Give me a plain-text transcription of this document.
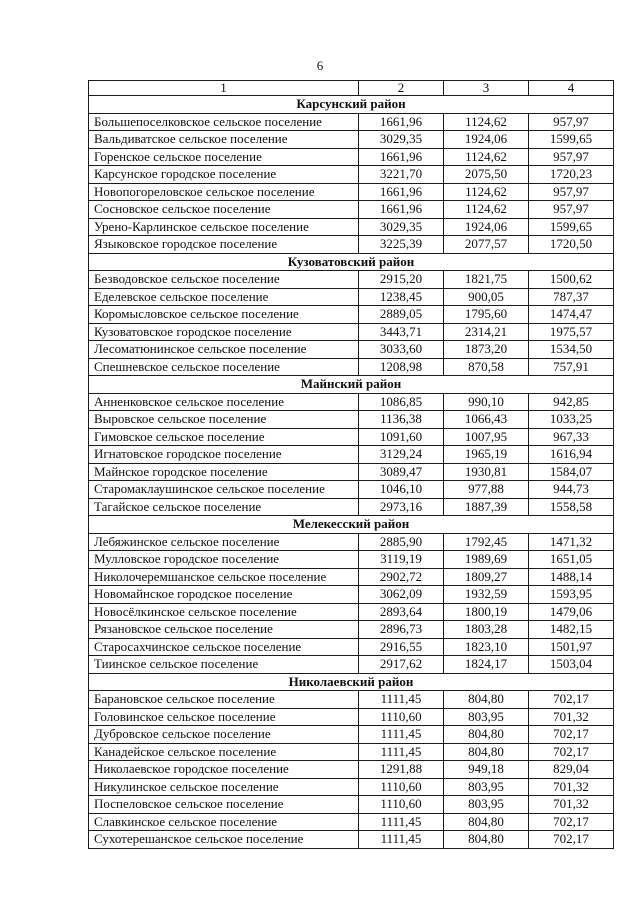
6
1	2	3	4
Карсунский район			
Большепоселковское сельское поселение	1661,96	1124,62	957,97
Вальдиватское сельское поселение	3029,35	1924,06	1599,65
Горенское сельское поселение	1661,96	1124,62	957,97
Карсунское городское поселение	3221,70	2075,50	1720,23
Новопогореловское сельское поселение	1661,96	1124,62	957,97
Сосновское сельское поселение	1661,96	1124,62	957,97
Урено-Карлинское сельское поселение	3029,35	1924,06	1599,65
Языковское городское поселение	3225,39	2077,57	1720,50
Кузоватовский район			
Безводовское сельское поселение	2915,20	1821,75	1500,62
Еделевское сельское поселение	1238,45	900,05	787,37
Коромысловское сельское поселение	2889,05	1795,60	1474,47
Кузоватовское городское поселение	3443,71	2314,21	1975,57
Лесоматюнинское сельское поселение	3033,60	1873,20	1534,50
Спешневское сельское поселение	1208,98	870,58	757,91
Майнский район			
Анненковское сельское поселение	1086,85	990,10	942,85
Выровское сельское поселение	1136,38	1066,43	1033,25
Гимовское сельское поселение	1091,60	1007,95	967,33
Игнатовское городское поселение	3129,24	1965,19	1616,94
Майнское городское поселение	3089,47	1930,81	1584,07
Старомаклаушинское сельское поселение	1046,10	977,88	944,73
Тагайское сельское поселение	2973,16	1887,39	1558,58
Мелекесский район			
Лебяжинское сельское поселение	2885,90	1792,45	1471,32
Мулловское городское поселение	3119,19	1989,69	1651,05
Николочеремшанское сельское поселение	2902,72	1809,27	1488,14
Новомайнское городское поселение	3062,09	1932,59	1593,95
Новосёлкинское сельское поселение	2893,64	1800,19	1479,06
Рязановское сельское поселение	2896,73	1803,28	1482,15
Старосахчинское сельское поселение	2916,55	1823,10	1501,97
Тиинское сельское поселение	2917,62	1824,17	1503,04
Николаевский район			
Барановское сельское поселение	1111,45	804,80	702,17
Головинское сельское поселение	1110,60	803,95	701,32
Дубровское сельское поселение	1111,45	804,80	702,17
Канадейское сельское поселение	1111,45	804,80	702,17
Николаевское городское поселение	1291,88	949,18	829,04
Никулинское сельское поселение	1110,60	803,95	701,32
Поспеловское сельское поселение	1110,60	803,95	701,32
Славкинское сельское поселение	1111,45	804,80	702,17
Сухотерешанское сельское поселение	1111,45	804,80	702,17
